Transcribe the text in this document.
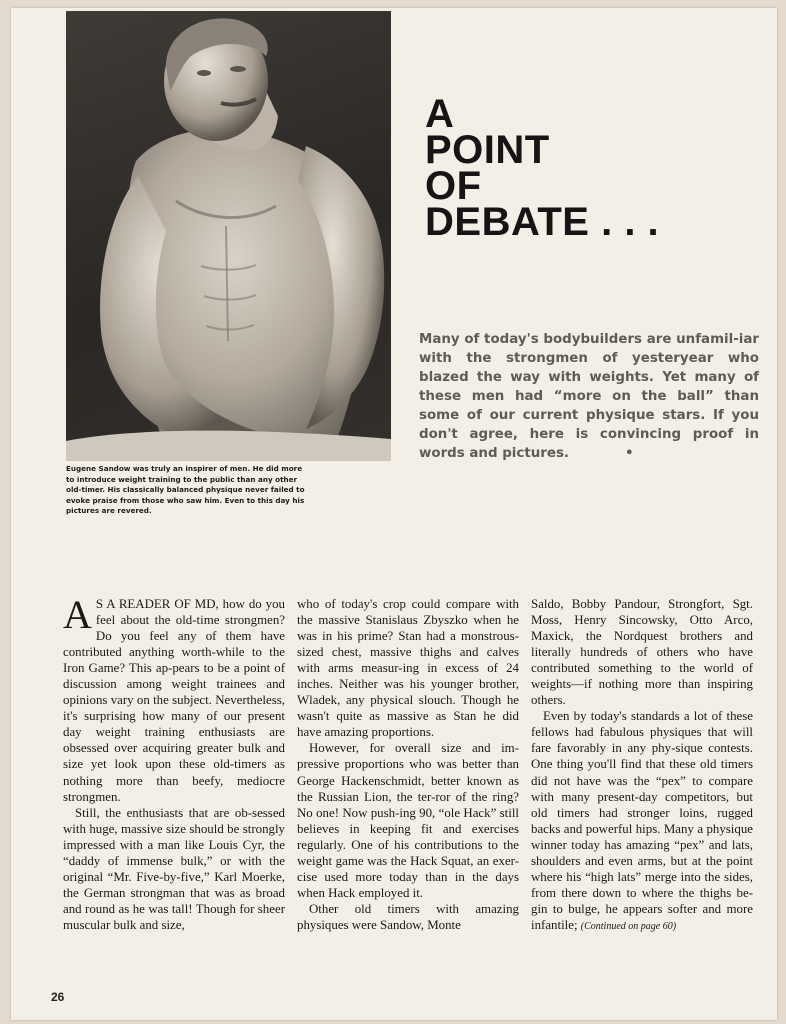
Eugene Sandow was truly an inspirer of men. He did more to introduce weight training to the public than any other old-timer. His classically balanced physique never failed to evoke praise from those who saw him. Even to this day his pictures are revered.
A
POINT
OF
DEBATE . . .
Many of today's bodybuilders are unfamil-iar with the strongmen of yesteryear who blazed the way with weights. Yet many of these men had “more on the ball” than some of our current physique stars. If you don't agree, here is convincing proof in words and pictures.	•

A S A READER OF MD, how do you feel about the old-time strongmen? Do you feel any of them have contributed anything worth-while to the Iron Game? This ap-pears to be a point of discussion among weight trainees and opinions vary on the subject. Nevertheless, it's surprising how many of our present day weight training enthusiasts are obsessed over acquiring greater bulk and size yet look upon these old-timers as nothing more than beefy, mediocre strongmen.

Still, the enthusiasts that are ob-sessed with huge, massive size should be strongly impressed with a man like Louis Cyr, the “daddy of immense bulk,” or with the original “Mr. Five-by-five,” Karl Moerke, the German strongman that was as broad and round as he was tall! Though for sheer muscular bulk and size,

who of today's crop could compare with the massive Stanislaus Zbyszko when he was in his prime? Stan had a monstrous-sized chest, massive thighs and calves with arms measur-ing in excess of 24 inches. Neither was his younger brother, Wladek, any physical slouch. Though he wasn't quite as massive as Stan he did have amazing proportions.

However, for overall size and im-pressive proportions who was better than George Hackenschmidt, better known as the Russian Lion, the ter-ror of the ring? No one! Now push-ing 90, “ole Hack” still believes in keeping fit and exercises regularly. One of his contributions to the weight game was the Hack Squat, an exer-cise used more today than in the days when Hack employed it.

Other old timers with amazing physiques were Sandow, Monte

Saldo, Bobby Pandour, Strongfort, Sgt. Moss, Henry Sincowsky, Otto Arco, Maxick, the Nordquest brothers and literally hundreds of others who have contributed something to the world of weights—if nothing more than inspiring others.

Even by today's standards a lot of these fellows had fabulous physiques that will fare favorably in any phy-sique contests. One thing you'll find that these old timers did not have was the “pex” to compare with many present-day competitors, but old timers had stronger loins, rugged backs and powerful hips. Many a physique winner today has amazing “pex” and lats, shoulders and even arms, but at the point where his “high lats” merge into the sides, from there down to where the thighs be-gin to bulge, he appears softer and more infantile; (Continued on page 60)

26
